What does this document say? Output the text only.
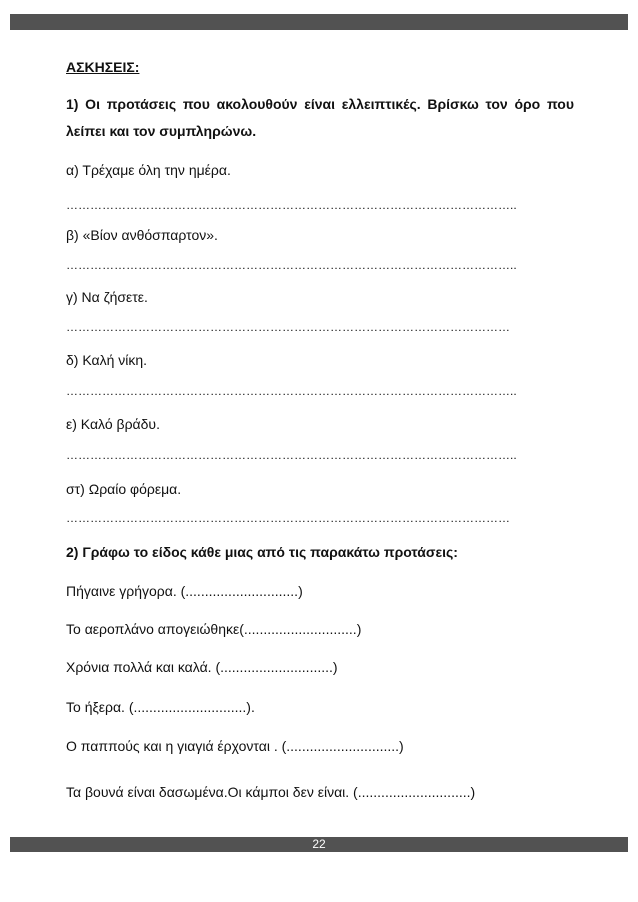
ΑΣΚΗΣΕΙΣ:
1) Οι προτάσεις που ακολουθούν είναι ελλειπτικές. Βρίσκω τον όρο που
λείπει και τον συμπληρώνω.
α) Τρέχαμε όλη την ημέρα.
…………………………………………………………………………………………………..
β) «Βίον ανθόσπαρτον».
…………………………………………………………………………………………………..
γ) Να ζήσετε.
…………………………………………………………………………………………………
δ) Καλή νίκη.
…………………………………………………………………………………………………..
ε) Καλό βράδυ.
…………………………………………………………………………………………………..
στ) Ωραίο φόρεμα.
…………………………………………………………………………………………………
2) Γράφω το είδος κάθε μιας από τις παρακάτω προτάσεις:
Πήγαινε γρήγορα. (.............................)
Το αεροπλάνο απογειώθηκε(.............................)
Χρόνια πολλά και καλά. (.............................)
Το ήξερα. (.............................).
Ο παππούς και η γιαγιά έρχονται . (.............................)
Τα βουνά είναι δασωμένα.Οι κάμποι δεν είναι. (.............................)
22
